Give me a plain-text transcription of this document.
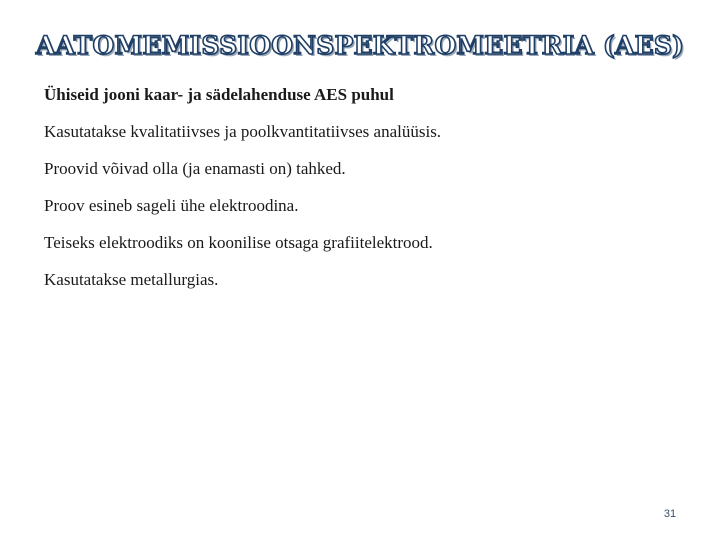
AATOMEMISSIOONSPEKTROMEETRIA (AES)
Ühiseid jooni kaar- ja sädelahenduse AES puhul
Kasutatakse kvalitatiivses ja poolkvantitatiivses analüüsis.
Proovid võivad olla (ja enamasti on) tahked.
Proov esineb sageli ühe elektroodina.
Teiseks elektroodiks on koonilise otsaga grafiitelektrood.
Kasutatakse metallurgias.
31
